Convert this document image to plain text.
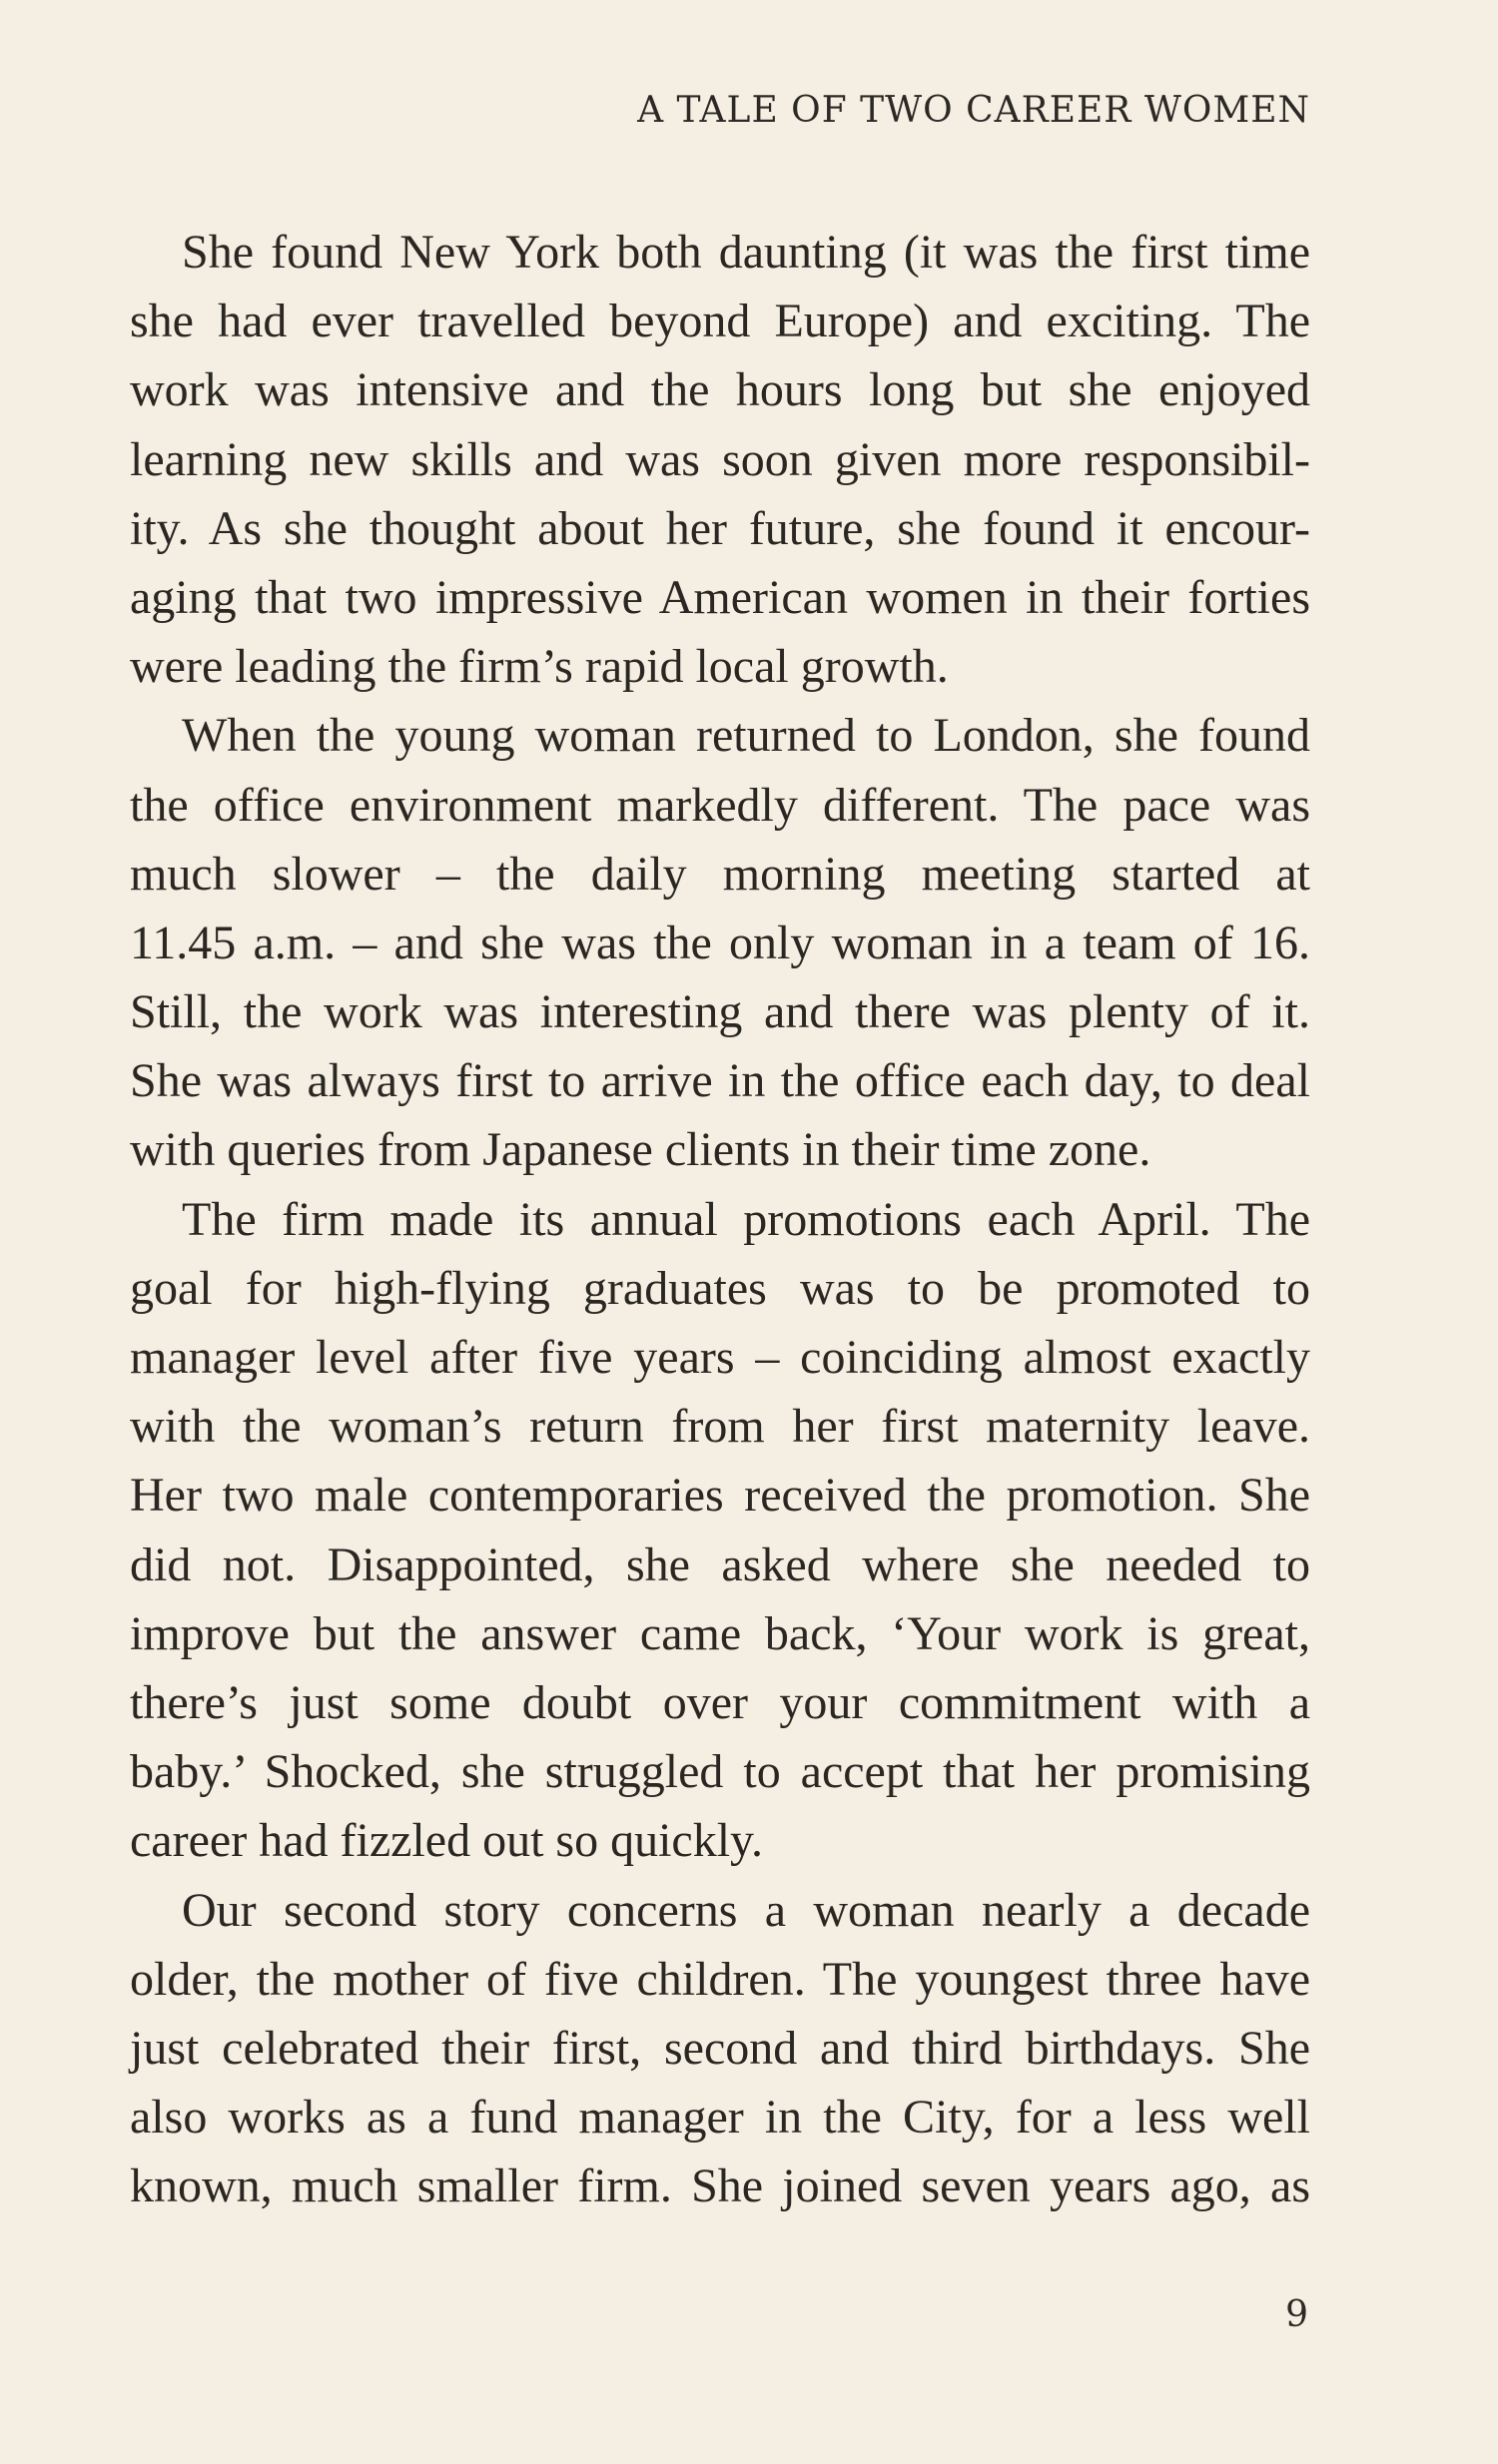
A TALE OF TWO CAREER WOMEN
She found New York both daunting (it was the first time
she had ever travelled beyond Europe) and exciting. The
work was intensive and the hours long but she enjoyed
learning new skills and was soon given more responsibil-
ity. As she thought about her future, she found it encour-
aging that two impressive American women in their forties
were leading the firm’s rapid local growth.
When the young woman returned to London, she found
the office environment markedly different. The pace was
much slower – the daily morning meeting started at
11.45 a.m. – and she was the only woman in a team of 16.
Still, the work was interesting and there was plenty of it.
She was always first to arrive in the office each day, to deal
with queries from Japanese clients in their time zone.
The firm made its annual promotions each April. The
goal for high-flying graduates was to be promoted to
manager level after five years – coinciding almost exactly
with the woman’s return from her first maternity leave.
Her two male contemporaries received the promotion. She
did not. Disappointed, she asked where she needed to
improve but the answer came back, ‘Your work is great,
there’s just some doubt over your commitment with a
baby.’ Shocked, she struggled to accept that her promising
career had fizzled out so quickly.
Our second story concerns a woman nearly a decade
older, the mother of five children. The youngest three have
just celebrated their first, second and third birthdays. She
also works as a fund manager in the City, for a less well
known, much smaller firm. She joined seven years ago, as
9
